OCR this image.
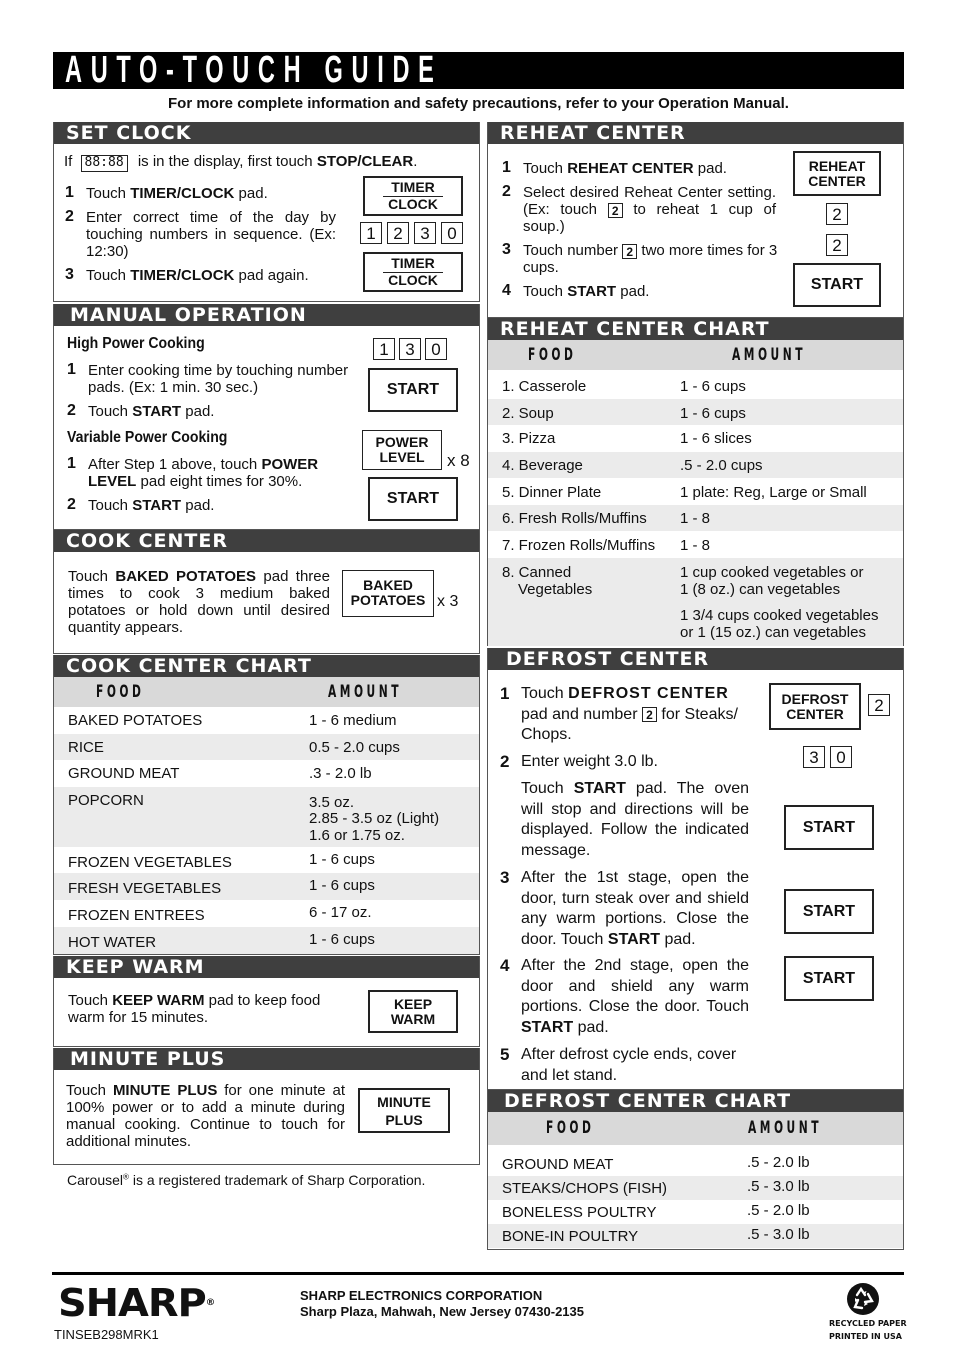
AUTO-TOUCH GUIDE
For more complete information and safety precautions, refer to your Operation Manual.
SET CLOCK
If 88:88 is in the display, first touch STOP/CLEAR.
1 Touch TIMER/CLOCK pad.
2 Enter correct time of the day by touching numbers in sequence. (Ex: 12:30)
3 Touch TIMER/CLOCK pad again.
TIMER
CLOCK
1 2 3 0
TIMER
CLOCK
MANUAL OPERATION
High Power Cooking
1 Enter cooking time by touching number pads. (Ex: 1 min. 30 sec.)
2 Touch START pad.
1 3 0
START
Variable Power Cooking
1 After Step 1 above, touch POWER LEVEL pad eight times for 30%.
2 Touch START pad.
POWER
LEVEL	x 8
START
COOK CENTER
Touch BAKED POTATOES pad three times to cook 3 medium baked potatoes or hold down until desired quantity appears.
BAKED
POTATOES x 3
COOK CENTER CHART
FOOD	AMOUNT
BAKED POTATOES	1 - 6 medium
RICE	0.5 - 2.0 cups
GROUND MEAT	.3 - 2.0 lb
POPCORN	3.5 oz.
2.85 - 3.5 oz (Light)
1.6 or 1.75 oz.
FROZEN VEGETABLES	1 - 6 cups
FRESH VEGETABLES	1 - 6 cups
FROZEN ENTREES	6 - 17 oz.
HOT WATER	1 - 6 cups
KEEP WARM
Touch KEEP WARM pad to keep food warm for 15 minutes.
KEEP
WARM
MINUTE PLUS
Touch MINUTE PLUS for one minute at 100% power or to add a minute during manual cooking. Continue to touch for additional minutes.
MINUTE
PLUS
Carousel® is a registered trademark of Sharp Corporation.
REHEAT CENTER
1 Touch REHEAT CENTER pad.
2 Select desired Reheat Center setting. (Ex: touch 2 to reheat 1 cup of soup.)
3 Touch number 2 two more times for 3 cups.
4 Touch START pad.
REHEAT
CENTER
2
2
START
REHEAT CENTER CHART
FOOD	AMOUNT
1. Casserole	1 - 6 cups
2. Soup	1 - 6 cups
3. Pizza	1 - 6 slices
4. Beverage	.5 - 2.0 cups
5. Dinner Plate	1 plate: Reg, Large or Small
6. Fresh Rolls/Muffins 1 - 8
7. Frozen Rolls/Muffins 1 - 8
8. Canned
Vegetables
1 cup cooked vegetables or
1 (8 oz.) can vegetables
1 3/4 cups cooked vegetables
or 1 (15 oz.) can vegetables
DEFROST CENTER
1 Touch DEFROST CENTER pad and number 2 for Steaks/ Chops.
2 Enter weight 3.0 lb.
Touch START pad. The oven will stop and directions will be displayed. Follow the indicated message.
3 After the 1st stage, open the door, turn steak over and shield any warm portions. Close the door. Touch START pad.
4 After the 2nd stage, open the door and shield any warm portions. Close the door. Touch START pad.
5 After defrost cycle ends, cover and let stand.
DEFROST
CENTER	2
3 0
START
START
START
DEFROST CENTER CHART
FOOD	AMOUNT
GROUND MEAT	.5 - 2.0 lb
STEAKS/CHOPS (FISH)	.5 - 3.0 lb
BONELESS POULTRY	.5 - 2.0 lb
BONE-IN POULTRY	.5 - 3.0 lb
SHARP®	SHARP ELECTRONICS CORPORATION
Sharp Plaza, Mahwah, New Jersey 07430-2135
TINSEB298MRK1
RECYCLED PAPER
PRINTED IN USA
